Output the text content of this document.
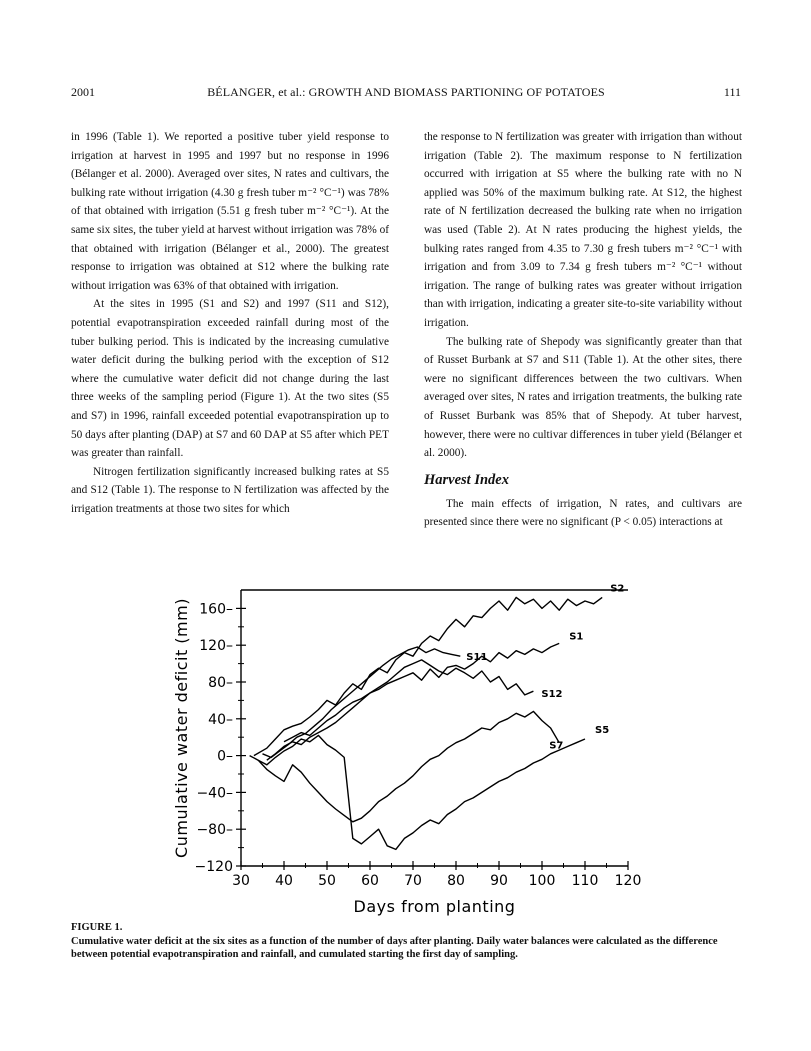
2001	BÉLANGER, et al.: GROWTH AND BIOMASS PARTIONING OF POTATOES	111

in 1996 (Table 1). We reported a positive tuber yield response to irrigation at harvest in 1995 and 1997 but no response in 1996 (Bélanger et al. 2000). Averaged over sites, N rates and cultivars, the bulking rate without irrigation (4.30 g fresh tuber m⁻² °C⁻¹) was 78% of that obtained with irrigation (5.51 g fresh tuber m⁻² °C⁻¹). At the same six sites, the tuber yield at harvest without irrigation was 78% of that obtained with irrigation (Bélanger et al., 2000). The greatest response to irrigation was obtained at S12 where the bulking rate without irrigation was 63% of that obtained with irrigation.

At the sites in 1995 (S1 and S2) and 1997 (S11 and S12), potential evapotranspiration exceeded rainfall during most of the tuber bulking period. This is indicated by the increasing cumulative water deficit during the bulking period with the exception of S12 where the cumulative water deficit did not change during the last three weeks of the sampling period (Figure 1). At the two sites (S5 and S7) in 1996, rainfall exceeded potential evapotranspiration up to 50 days after planting (DAP) at S7 and 60 DAP at S5 after which PET was greater than rainfall.

Nitrogen fertilization significantly increased bulking rates at S5 and S12 (Table 1). The response to N fertilization was affected by the irrigation treatments at those two sites for which

the response to N fertilization was greater with irrigation than without irrigation (Table 2). The maximum response to N fertilization occurred with irrigation at S5 where the bulking rate with no N applied was 50% of the maximum bulking rate. At S12, the highest rate of N fertilization decreased the bulking rate when no irrigation was used (Table 2). At N rates producing the highest yields, the bulking rates ranged from 4.35 to 7.30 g fresh tubers m⁻² °C⁻¹ with irrigation and from 3.09 to 7.34 g fresh tubers m⁻² °C⁻¹ without irrigation. The range of bulking rates was greater without irrigation than with irrigation, indicating a greater site-to-site variability without irrigation.

The bulking rate of Shepody was significantly greater than that of Russet Burbank at S7 and S11 (Table 1). At the other sites, there were no significant differences between the two cultivars. When averaged over sites, N rates and irrigation treatments, the bulking rate of Russet Burbank was 85% that of Shepody. At tuber harvest, however, there were no cultivar differences in tuber yield (Bélanger et al. 2000).

Harvest Index

The main effects of irrigation, N rates, and cultivars are presented since there were no significant (P < 0.05) interactions at

−120
−80–
−40–
0–
40–
80–
120–
160–
30 40 50 60 70 80 90 100 110 120
Days from planting
Cumulative water deficit (mm)
S2
S11
S1
S12
S7
S5
FIGURE 1.
Cumulative water deficit at the six sites as a function of the number of days after planting. Daily water balances were calculated as the difference between potential evapotranspiration and rainfall, and cumulated starting the first day of sampling.
